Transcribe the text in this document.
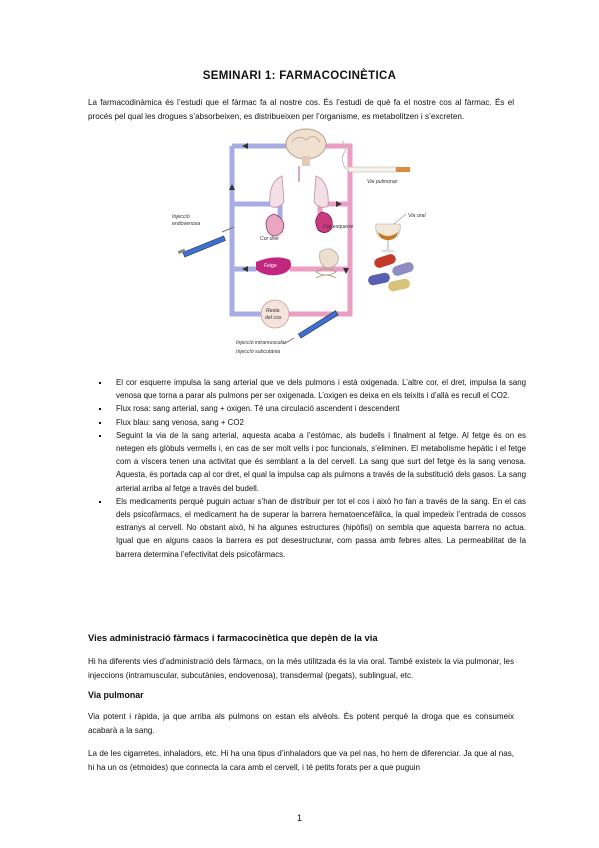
SEMINARI 1: FARMACOCINÈTICA
La farmacodinàmica és l’estudi que el fàrmac fa al nostre cos. És l’estudi de què fa el nostre cos al fàrmac. És el procés pel qual les drogues s’absorbeixen, es distribueixen per l’organisme, es metabolitzen i s’excreten.
Via pulmonar
Cor dret
Cor esquerre
Injecció
endovenosa
Fetge
Via oral
Resta
del cos
Injecció intramuscular
Injecció subcutània
▪ El cor esquerre impulsa la sang arterial que ve dels pulmons i està oxigenada. L’altre cor, el dret, impulsa la sang venosa que torna a parar als pulmons per ser oxigenada. L’oxigen es deixa en els teixits i d’allà es recull el CO2.
▪ Flux rosa: sang arterial, sang + oxigen. Té una circulació ascendent i descendent
▪ Flux blau: sang venosa, sang + CO2
▪ Seguint la via de la sang arterial, aquesta acaba a l’estómac, als budells i finalment al fetge. Al fetge és on es netegen els glòbuls vermells i, en cas de ser molt vells i poc funcionals, s’eliminen. El metabolisme hepàtic i el fetge com a víscera tenen una activitat que és semblant a la del cervell. La sang que surt del fetge és la sang venosa. Aquesta, és portada cap al cor dret, el qual la impulsa cap als pulmons a través de la substitució dels gasos. La sang arterial arriba al fetge a través del budell.
▪ Els medicaments perquè puguin actuar s’han de distribuir per tot el cos i això ho fan a través de la sang. En el cas dels psicofàrmacs, el medicament ha de superar la barrera hematoencefàlica, la qual impedeix l’entrada de cossos estranys al cervell. No obstant això, hi ha algunes estructures (hipòfisi) on sembla que aquesta barrera no actua. Igual que en alguns casos la barrera es pot desestructurar, com passa amb febres altes. La permeabilitat de la barrera determina l’efectivitat dels psicofàrmacs.
Vies administració fàrmacs i farmacocinètica que depèn de la via
Hi ha diferents vies d’administració dels fàrmacs, on la més utilitzada és la via oral. També existeix la via pulmonar, les injeccions (intramuscular, subcutànies, endovenosa), transdermal (pegats), sublingual, etc.
Via pulmonar
Via potent i ràpida, ja que arriba als pulmons on estan els alvèols. És potent perquè la droga que es consumeix acabarà a la sang.
La de les cigarretes, inhaladors, etc. Hi ha una tipus d’inhaladors que va pel nas, ho hem de diferenciar. Ja que al nas, hi ha un os (etmoides) que connecta la cara amb el cervell, i té petits forats per a que puguin
1
